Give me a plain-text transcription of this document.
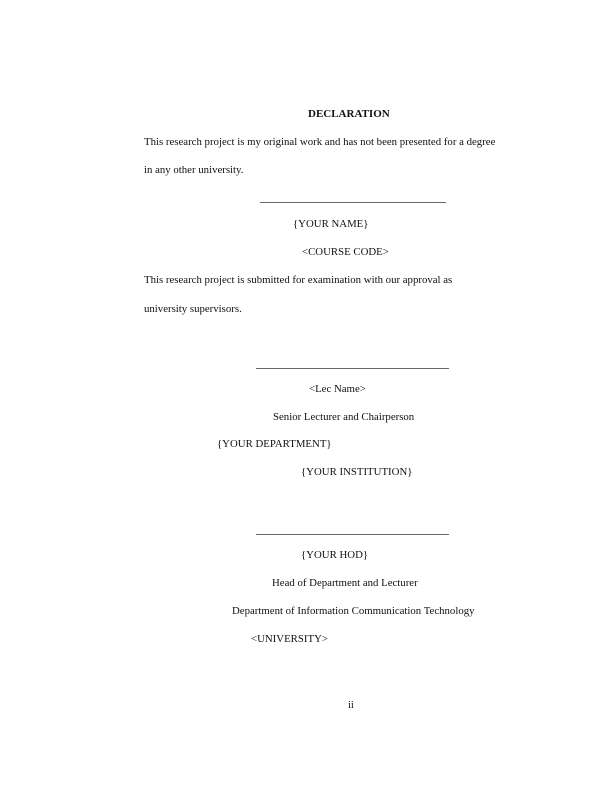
DECLARATION
This research project is my original work and has not been presented for a degree
in any other university.
{YOUR NAME}
<COURSE CODE>
This research project is submitted for examination with our approval as
university supervisors.
<Lec Name>
Senior Lecturer and Chairperson
{YOUR DEPARTMENT}
{YOUR INSTITUTION}
{YOUR HOD}
Head of Department and Lecturer
Department of Information Communication Technology
<UNIVERSITY>
ii
